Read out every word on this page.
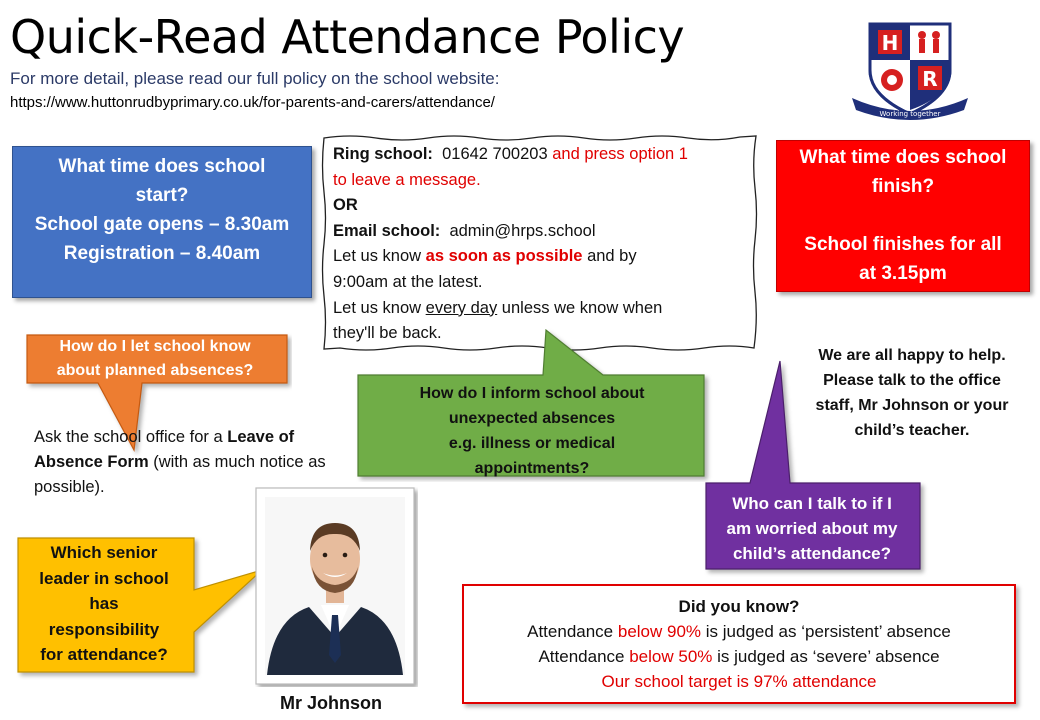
Quick-Read Attendance Policy
For more detail, please read our full policy on the school website:
https://www.huttonrudbyprimary.co.uk/for-parents-and-carers/attendance/
H
R
Working together
What time does school
start?
School gate opens – 8.30am
Registration – 8.40am
Ring school: 01642 700203 and press option 1
to leave a message.
OR
Email school: admin@hrps.school
Let us know as soon as possible and by
9:00am at the latest.
Let us know every day unless we know when
they'll be back.
What time does school
finish?
School finishes for all
at 3.15pm
How do I let school know
about planned absences?
Ask the school office for a Leave of Absence Form (with as much notice as possible).
How do I inform school about
unexpected absences
e.g. illness or medical
appointments?
We are all happy to help.
Please talk to the office
staff, Mr Johnson or your
child’s teacher.
Who can I talk to if I
am worried about my
child’s attendance?
Which senior
leader in school
has
responsibility
for attendance?
Mr Johnson
Did you know?
Attendance below 90% is judged as ‘persistent’ absence
Attendance below 50% is judged as ‘severe’ absence
Our school target is 97% attendance
